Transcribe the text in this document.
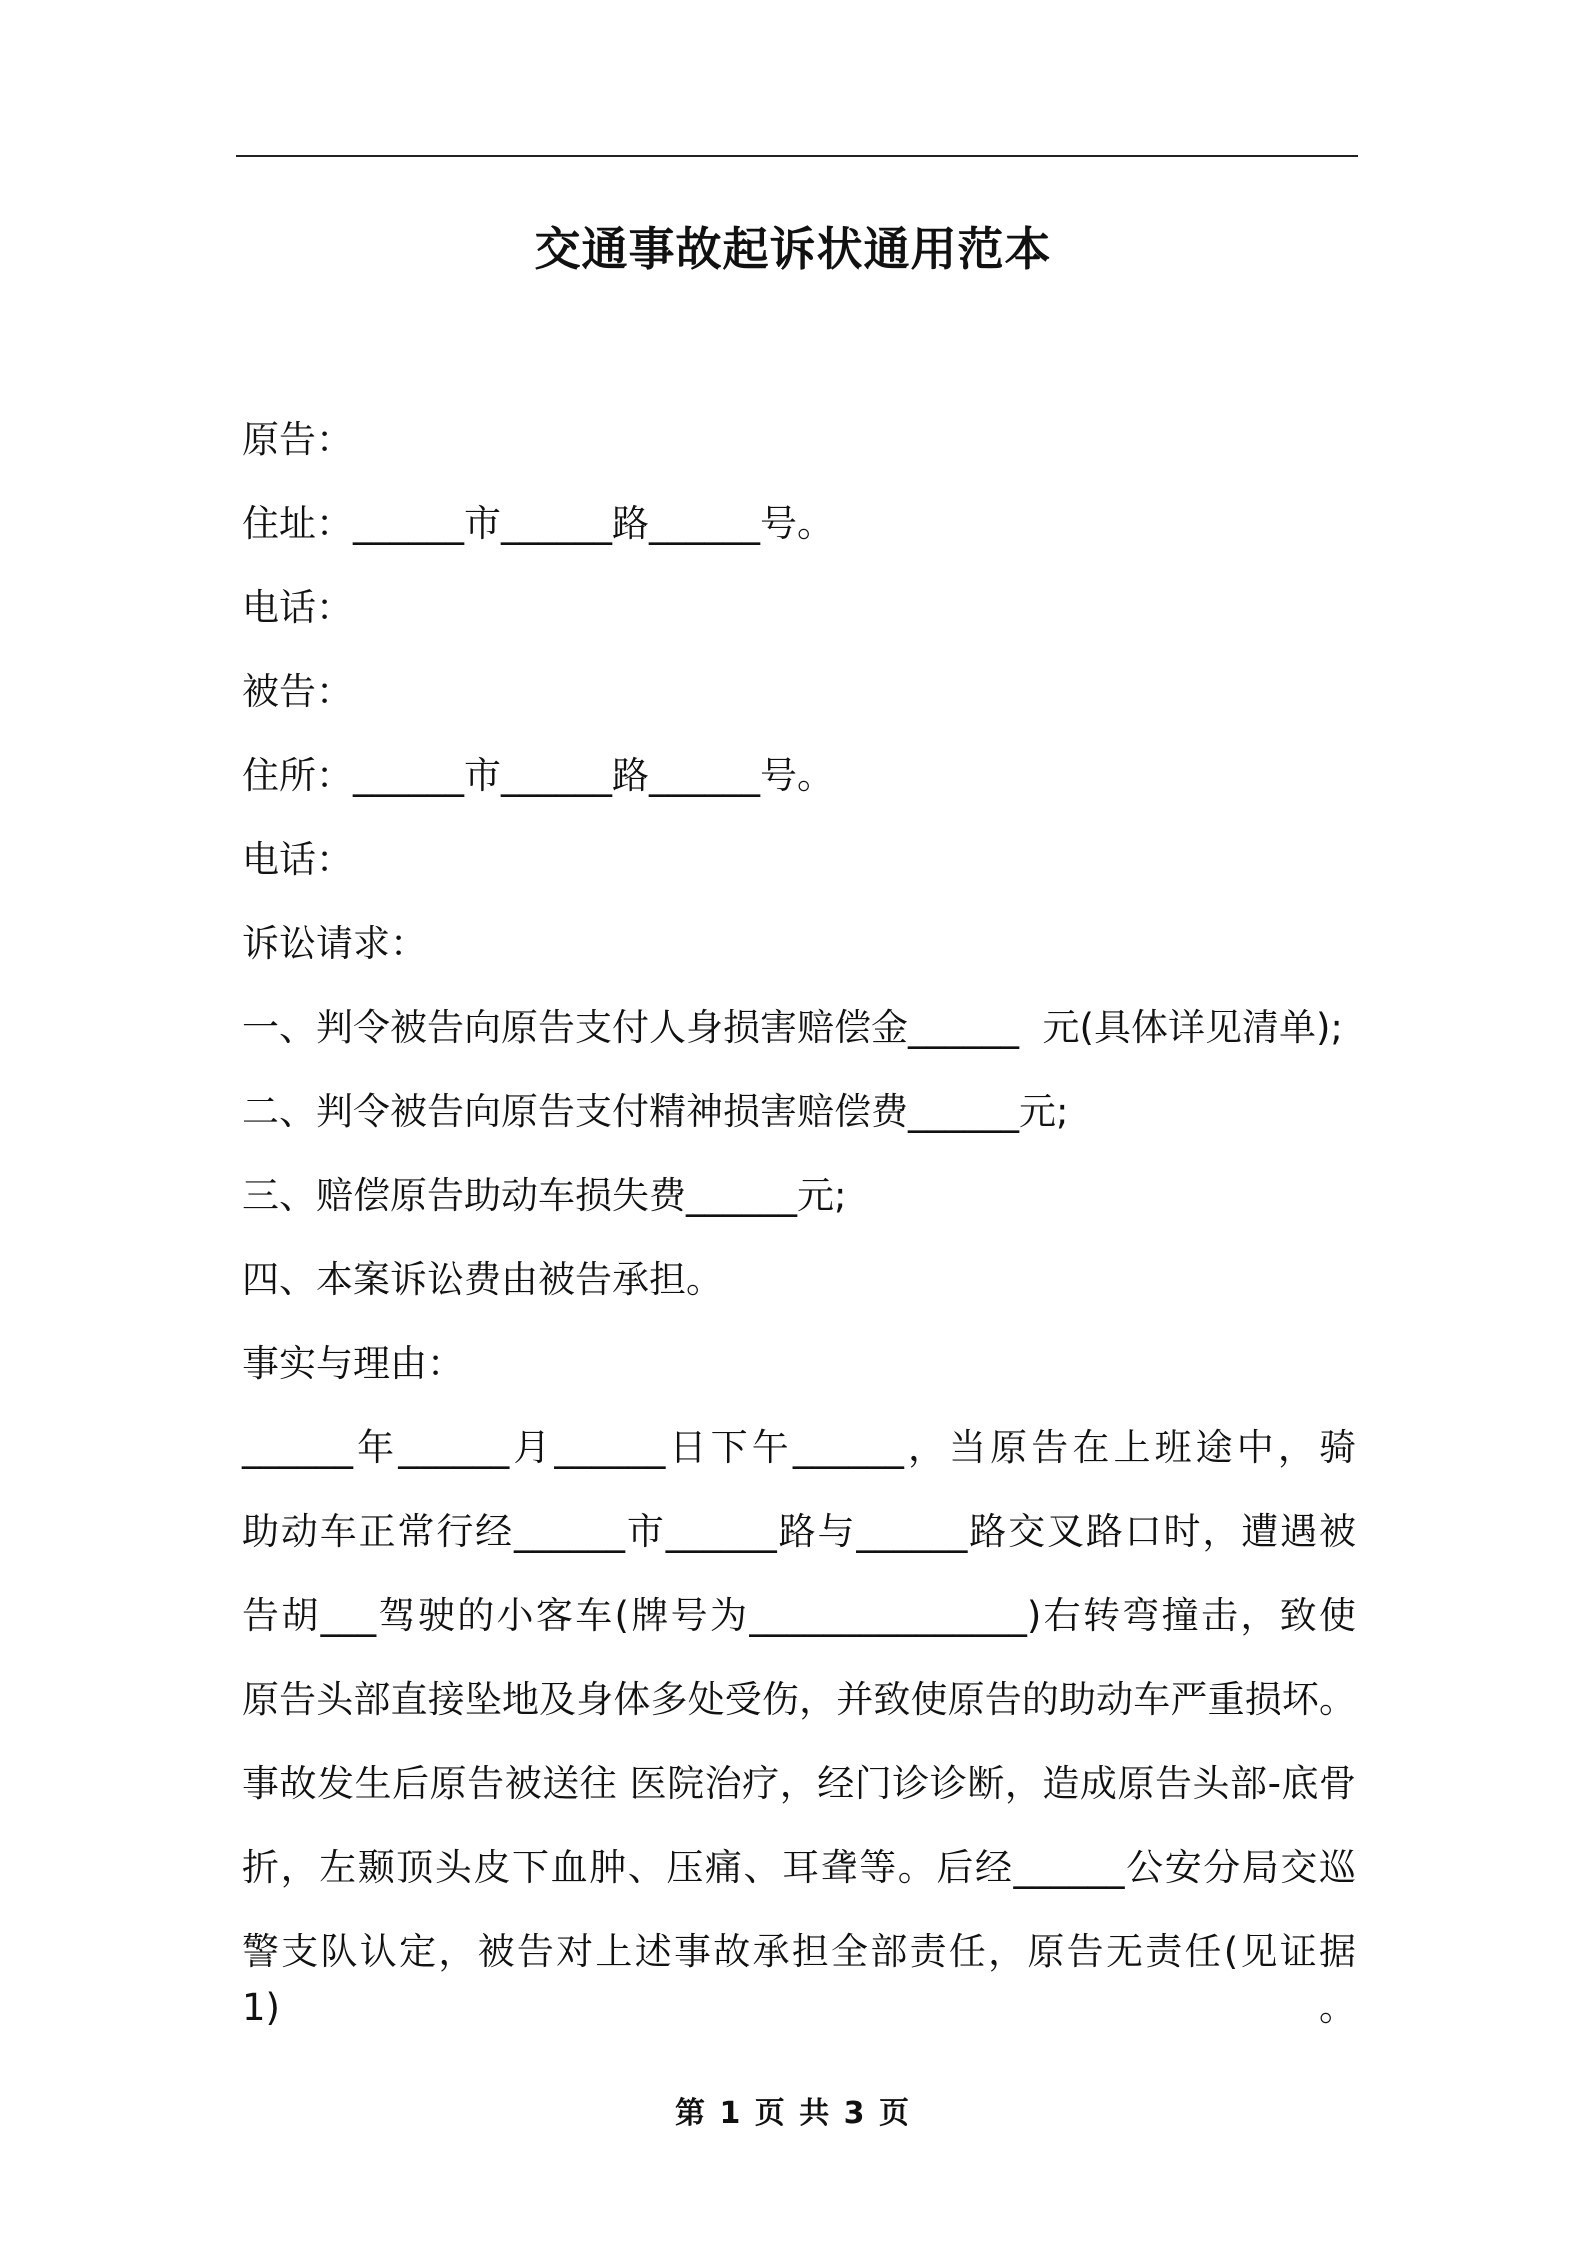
交通事故起诉状通用范本
原告：
住址：______市______路______号。
电话：
被告：
住所：______市______路______号。
电话：
诉讼请求：
一、判令被告向原告支付人身损害赔偿金______  元(具体详见清单);
二、判令被告向原告支付精神损害赔偿费______元;
三、赔偿原告助动车损失费______元;
四、本案诉讼费由被告承担。
事实与理由：
______年______月______日下午______，当原告在上班途中，骑
助动车正常行经______市______路与______路交叉路口时，遭遇被
告胡___驾驶的小客车(牌号为_______________)右转弯撞击，致使
原告头部直接坠地及身体多处受伤，并致使原告的助动车严重损坏。
事故发生后原告被送往 医院治疗，经门诊诊断，造成原告头部-底骨
折，左颞顶头皮下血肿、压痛、耳聋等。后经______公安分局交巡
警支队认定，被告对上述事故承担全部责任，原告无责任(见证据 1)。
第 1 页 共 3 页
